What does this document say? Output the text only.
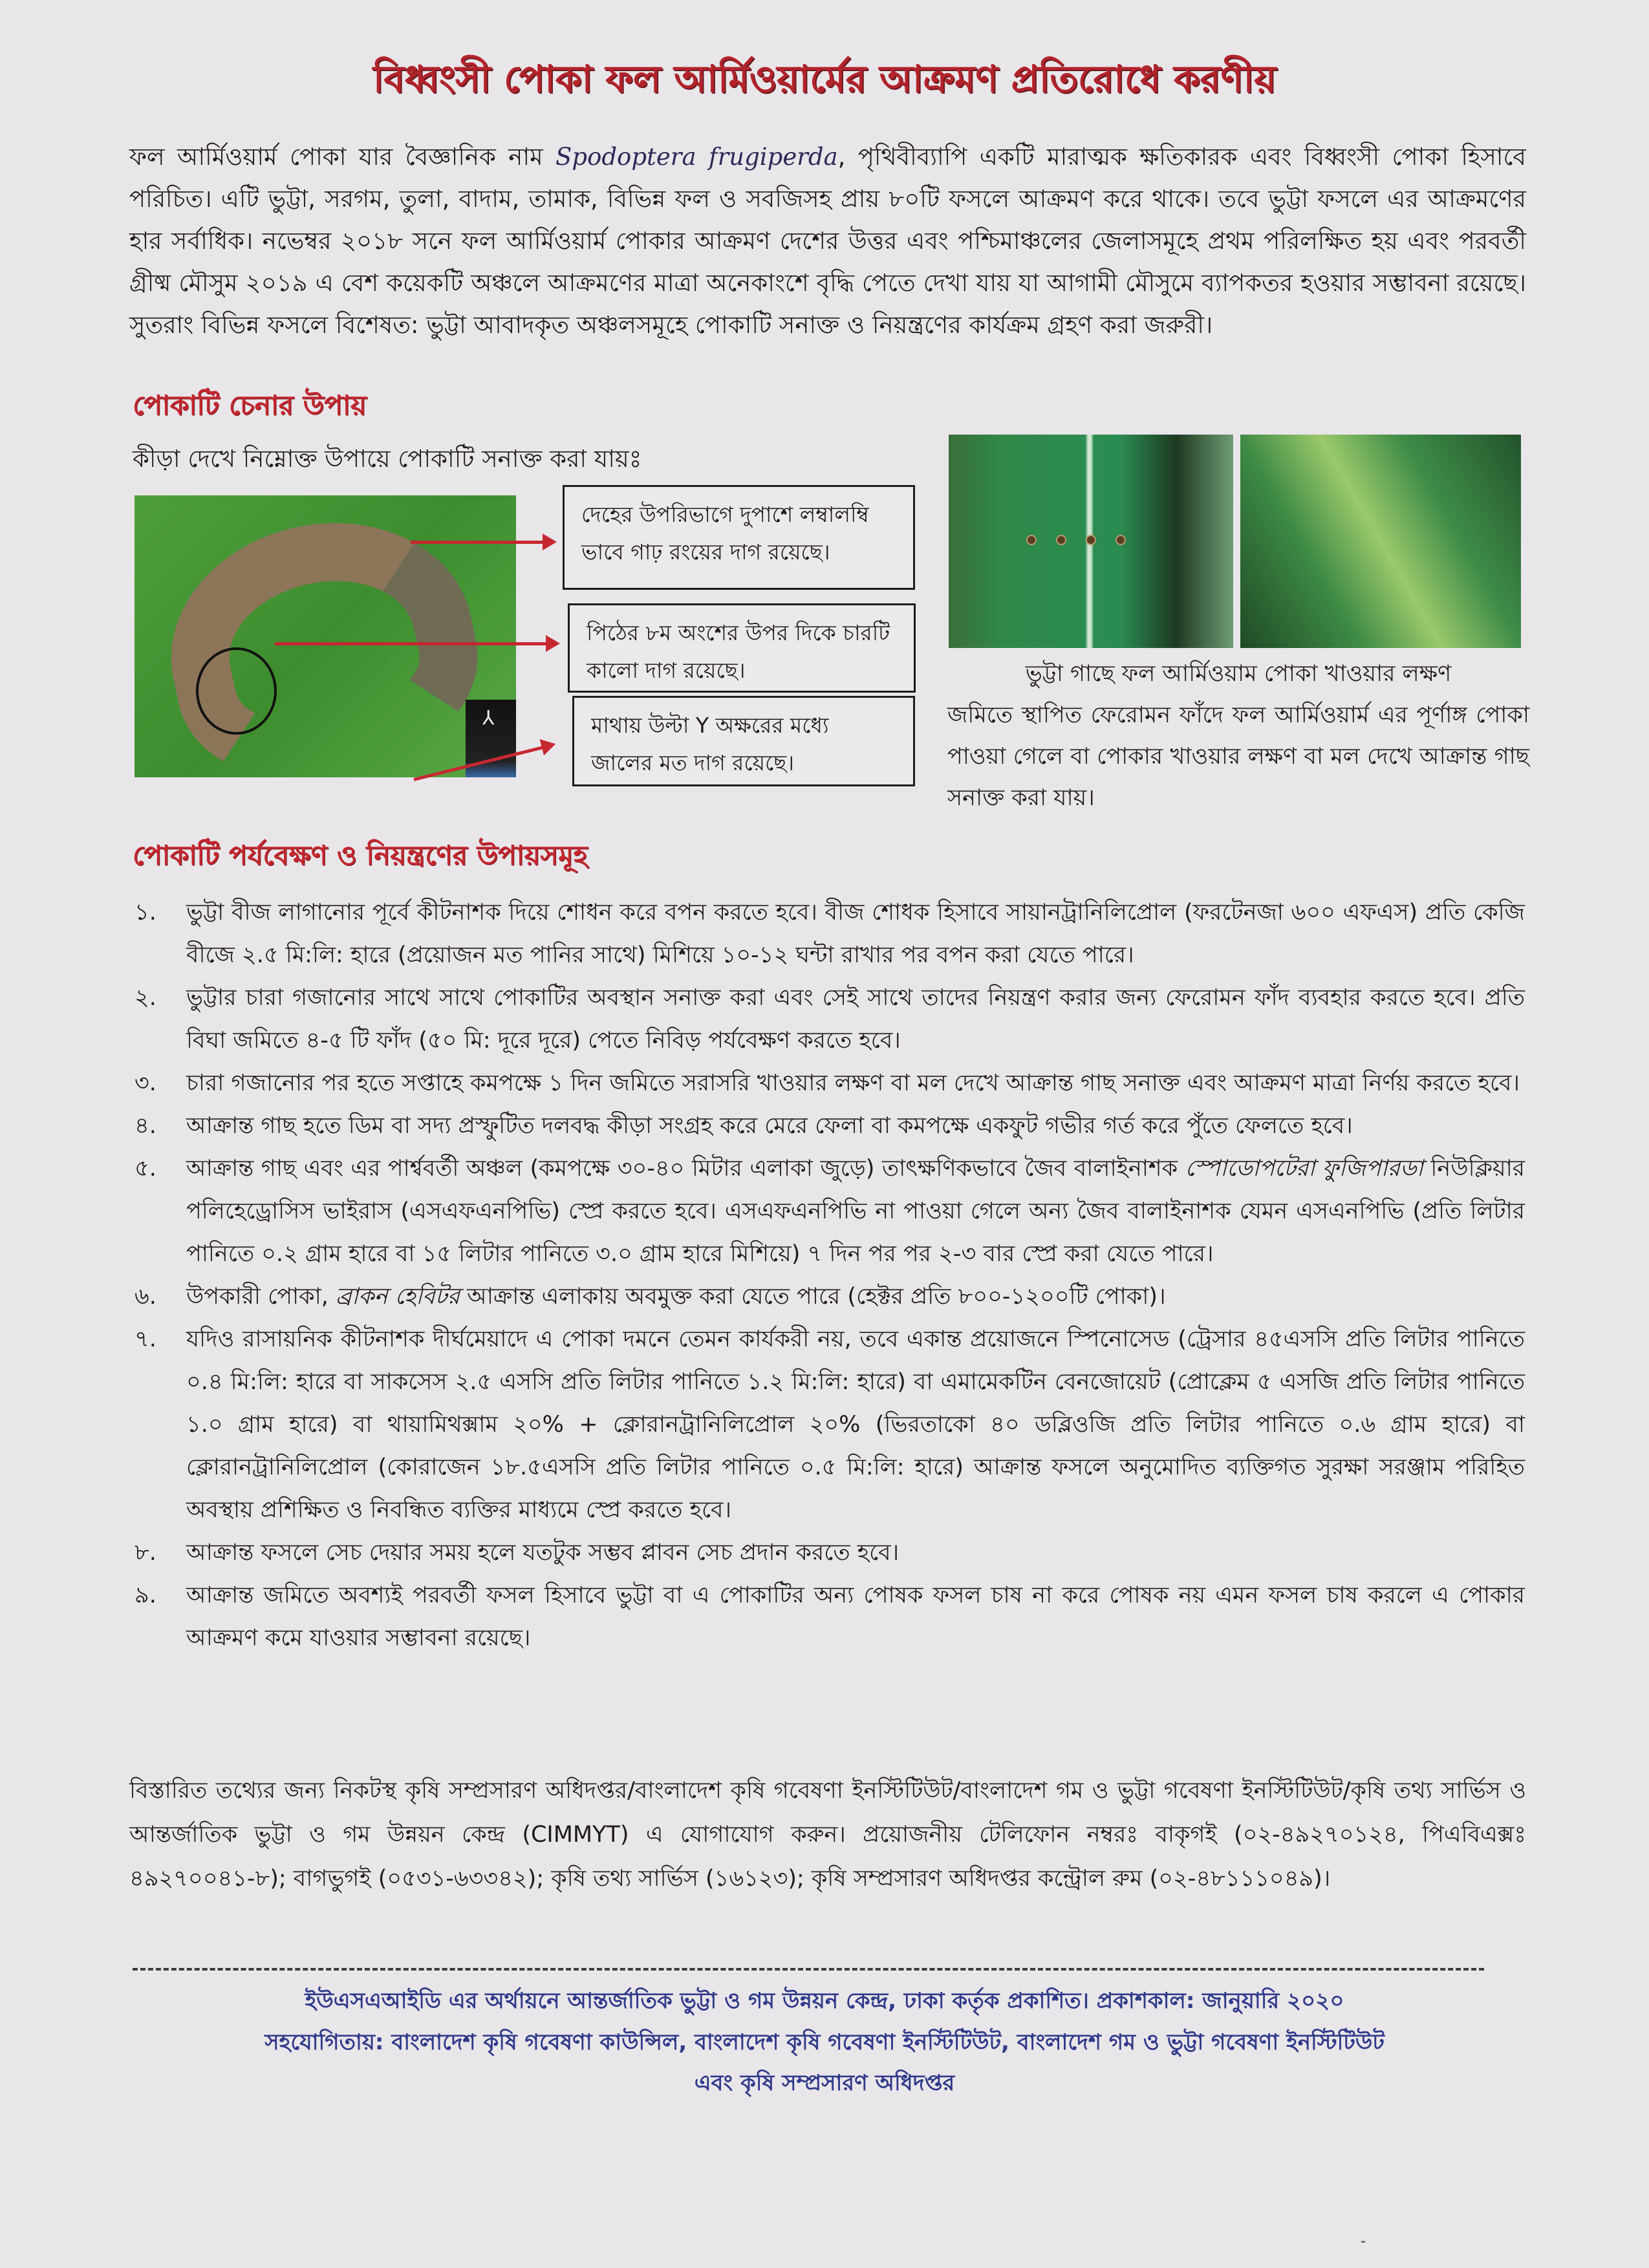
বিধ্বংসী পোকা ফল আর্মিওয়ার্মের আক্রমণ প্রতিরোধে করণীয়

ফল আর্মিওয়ার্ম পোকা যার বৈজ্ঞানিক নাম Spodoptera frugiperda, পৃথিবীব্যাপি একটি মারাত্মক ক্ষতিকারক এবং বিধ্বংসী পোকা হিসাবে পরিচিত। এটি ভুট্টা, সরগম, তুলা, বাদাম, তামাক, বিভিন্ন ফল ও সবজিসহ প্রায় ৮০টি ফসলে আক্রমণ করে থাকে। তবে ভুট্টা ফসলে এর আক্রমণের হার সর্বাধিক। নভেম্বর ২০১৮ সনে ফল আর্মিওয়ার্ম পোকার আক্রমণ দেশের উত্তর এবং পশ্চিমাঞ্চলের জেলাসমূহে প্রথম পরিলক্ষিত হয় এবং পরবর্তী গ্রীষ্ম মৌসুম ২০১৯ এ বেশ কয়েকটি অঞ্চলে আক্রমণের মাত্রা অনেকাংশে বৃদ্ধি পেতে দেখা যায় যা আগামী মৌসুমে ব্যাপকতর হওয়ার সম্ভাবনা রয়েছে। সুতরাং বিভিন্ন ফসলে বিশেষত: ভুট্টা আবাদকৃত অঞ্চলসমূহে পোকাটি সনাক্ত ও নিয়ন্ত্রণের কার্যক্রম গ্রহণ করা জরুরী।

পোকাটি চেনার উপায়

কীড়া দেখে নিম্নোক্ত উপায়ে পোকাটি সনাক্ত করা যায়ঃ

Y
দেহের উপরিভাগে দুপাশে লম্বালম্বি ভাবে গাঢ় রংয়ের দাগ রয়েছে।
পিঠের ৮ম অংশের উপর দিকে চারটি কালো দাগ রয়েছে।
মাথায় উল্টা Y অক্ষরের মধ্যে জালের মত দাগ রয়েছে।

ভুট্টা গাছে ফল আর্মিওয়াম পোকা খাওয়ার লক্ষণ

জমিতে স্থাপিত ফেরোমন ফাঁদে ফল আর্মিওয়ার্ম এর পূর্ণাঙ্গ পোকা পাওয়া গেলে বা পোকার খাওয়ার লক্ষণ বা মল দেখে আক্রান্ত গাছ সনাক্ত করা যায়।

পোকাটি পর্যবেক্ষণ ও নিয়ন্ত্রণের উপায়সমূহ
১.	ভুট্টা বীজ লাগানোর পূর্বে কীটনাশক দিয়ে শোধন করে বপন করতে হবে। বীজ শোধক হিসাবে সায়ানট্রানিলিপ্রোল (ফরটেনজা ৬০০ এফএস) প্রতি কেজি বীজে ২.৫ মি:লি: হারে (প্রয়োজন মত পানির সাথে) মিশিয়ে ১০-১২ ঘন্টা রাখার পর বপন করা যেতে পারে।
২.	ভুট্টার চারা গজানোর সাথে সাথে পোকাটির অবস্থান সনাক্ত করা এবং সেই সাথে তাদের নিয়ন্ত্রণ করার জন্য ফেরোমন ফাঁদ ব্যবহার করতে হবে। প্রতি বিঘা জমিতে ৪-৫ টি ফাঁদ (৫০ মি: দূরে দূরে) পেতে নিবিড় পর্যবেক্ষণ করতে হবে।
৩.	চারা গজানোর পর হতে সপ্তাহে কমপক্ষে ১ দিন জমিতে সরাসরি খাওয়ার লক্ষণ বা মল দেখে আক্রান্ত গাছ সনাক্ত এবং আক্রমণ মাত্রা নির্ণয় করতে হবে।
৪.	আক্রান্ত গাছ হতে ডিম বা সদ্য প্রস্ফুটিত দলবদ্ধ কীড়া সংগ্রহ করে মেরে ফেলা বা কমপক্ষে একফুট গভীর গর্ত করে পুঁতে ফেলতে হবে।
৫.	আক্রান্ত গাছ এবং এর পার্শ্ববর্তী অঞ্চল (কমপক্ষে ৩০-৪০ মিটার এলাকা জুড়ে) তাৎক্ষণিকভাবে জৈব বালাইনাশক স্পোডোপটেরা ফুজিপারডা নিউক্লিয়ার পলিহেড্রোসিস ভাইরাস (এসএফএনপিভি) স্প্রে করতে হবে। এসএফএনপিভি না পাওয়া গেলে অন্য জৈব বালাইনাশক যেমন এসএনপিভি (প্রতি লিটার পানিতে ০.২ গ্রাম হারে বা ১৫ লিটার পানিতে ৩.০ গ্রাম হারে মিশিয়ে) ৭ দিন পর পর ২-৩ বার স্প্রে করা যেতে পারে।
৬.	উপকারী পোকা, ব্রাকন হেবিটর আক্রান্ত এলাকায় অবমুক্ত করা যেতে পারে (হেক্টর প্রতি ৮০০-১২০০টি পোকা)।
৭.	যদিও রাসায়নিক কীটনাশক দীর্ঘমেয়াদে এ পোকা দমনে তেমন কার্যকরী নয়, তবে একান্ত প্রয়োজনে স্পিনোসেড (ট্রেসার ৪৫এসসি প্রতি লিটার পানিতে ০.৪ মি:লি: হারে বা সাকসেস ২.৫ এসসি প্রতি লিটার পানিতে ১.২ মি:লি: হারে) বা এমামেকটিন বেনজোয়েট (প্রোক্লেম ৫ এসজি প্রতি লিটার পানিতে ১.০ গ্রাম হারে) বা থায়ামিথক্সাম ২০% + ক্লোরানট্রানিলিপ্রোল ২০% (ভিরতাকো ৪০ ডব্লিওজি প্রতি লিটার পানিতে ০.৬ গ্রাম হারে) বা ক্লোরানট্রানিলিপ্রোল (কোরাজেন ১৮.৫এসসি প্রতি লিটার পানিতে ০.৫ মি:লি: হারে) আক্রান্ত ফসলে অনুমোদিত ব্যক্তিগত সুরক্ষা সরঞ্জাম পরিহিত অবস্থায় প্রশিক্ষিত ও নিবন্ধিত ব্যক্তির মাধ্যমে স্প্রে করতে হবে।
৮.	আক্রান্ত ফসলে সেচ দেয়ার সময় হলে যতটুক সম্ভব প্লাবন সেচ প্রদান করতে হবে।
৯.	আক্রান্ত জমিতে অবশ্যই পরবর্তী ফসল হিসাবে ভুট্টা বা এ পোকাটির অন্য পোষক ফসল চাষ না করে পোষক নয় এমন ফসল চাষ করলে এ পোকার আক্রমণ কমে যাওয়ার সম্ভাবনা রয়েছে।

বিস্তারিত তথ্যের জন্য নিকটস্থ কৃষি সম্প্রসারণ অধিদপ্তর/বাংলাদেশ কৃষি গবেষণা ইনস্টিটিউট/বাংলাদেশ গম ও ভুট্টা গবেষণা ইনস্টিটিউট/কৃষি তথ্য সার্ভিস ও আন্তর্জাতিক ভুট্টা ও গম উন্নয়ন কেন্দ্র (CIMMYT) এ যোগাযোগ করুন। প্রয়োজনীয় টেলিফোন নম্বরঃ বাকৃগই (০২-৪৯২৭০১২৪, পিএবিএক্সঃ ৪৯২৭০০৪১-৮); বাগভুগই (০৫৩১-৬৩৩৪২); কৃষি তথ্য সার্ভিস (১৬১২৩); কৃষি সম্প্রসারণ অধিদপ্তর কন্ট্রোল রুম (০২-৪৮১১১০৪৯)।

ইউএসএআইডি এর অর্থায়নে আন্তর্জাতিক ভুট্টা ও গম উন্নয়ন কেন্দ্র, ঢাকা কর্তৃক প্রকাশিত। প্রকাশকাল: জানুয়ারি ২০২০

সহযোগিতায়: বাংলাদেশ কৃষি গবেষণা কাউন্সিল, বাংলাদেশ কৃষি গবেষণা ইনস্টিটিউট, বাংলাদেশ গম ও ভুট্টা গবেষণা ইনস্টিটিউট

এবং কৃষি সম্প্রসারণ অধিদপ্তর
